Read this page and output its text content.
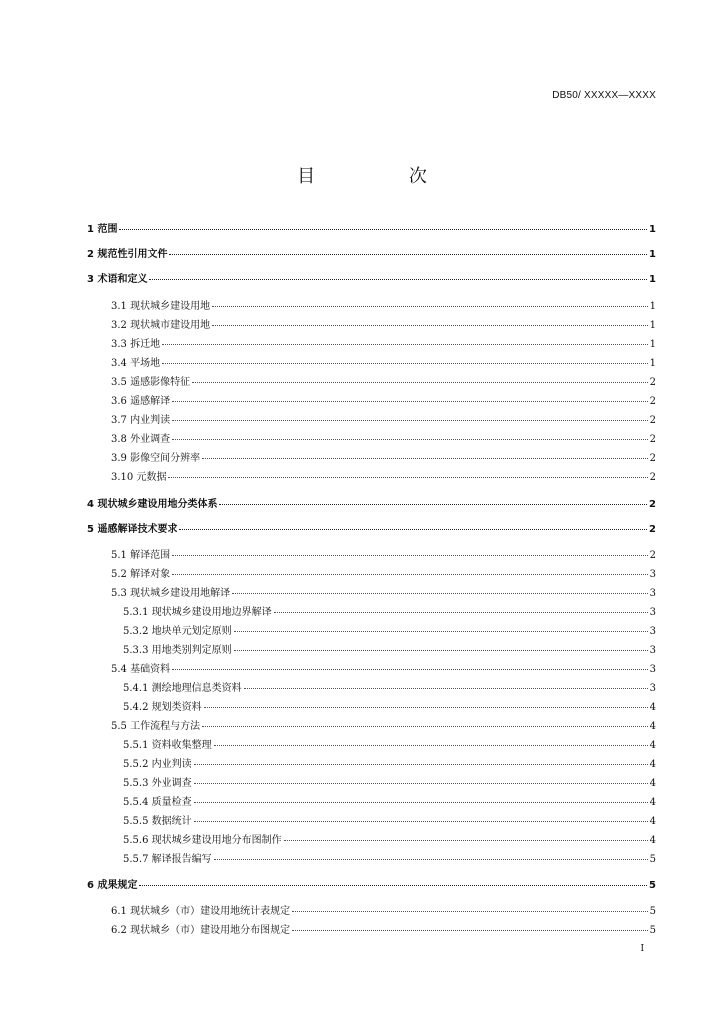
DB50/ XXXXX—XXXX
目 次
1 范围	1
2 规范性引用文件	1
3 术语和定义	1
3.1 现状城乡建设用地	1
3.2 现状城市建设用地	1
3.3 拆迁地	1
3.4 平场地	1
3.5 遥感影像特征	2
3.6 遥感解译	2
3.7 内业判读	2
3.8 外业调查	2
3.9 影像空间分辨率	2
3.10 元数据	2
4 现状城乡建设用地分类体系	2
5 遥感解译技术要求	2
5.1 解译范围	2
5.2 解译对象	3
5.3 现状城乡建设用地解译	3
5.3.1 现状城乡建设用地边界解译	3
5.3.2 地块单元划定原则	3
5.3.3 用地类别判定原则	3
5.4 基础资料	3
5.4.1 测绘地理信息类资料	3
5.4.2 规划类资料	4
5.5 工作流程与方法	4
5.5.1 资料收集整理	4
5.5.2 内业判读	4
5.5.3 外业调查	4
5.5.4 质量检查	4
5.5.5 数据统计	4
5.5.6 现状城乡建设用地分布图制作	4
5.5.7 解译报告编写	5
6 成果规定	5
6.1 现状城乡（市）建设用地统计表规定	5
6.2 现状城乡（市）建设用地分布图规定	5
I
